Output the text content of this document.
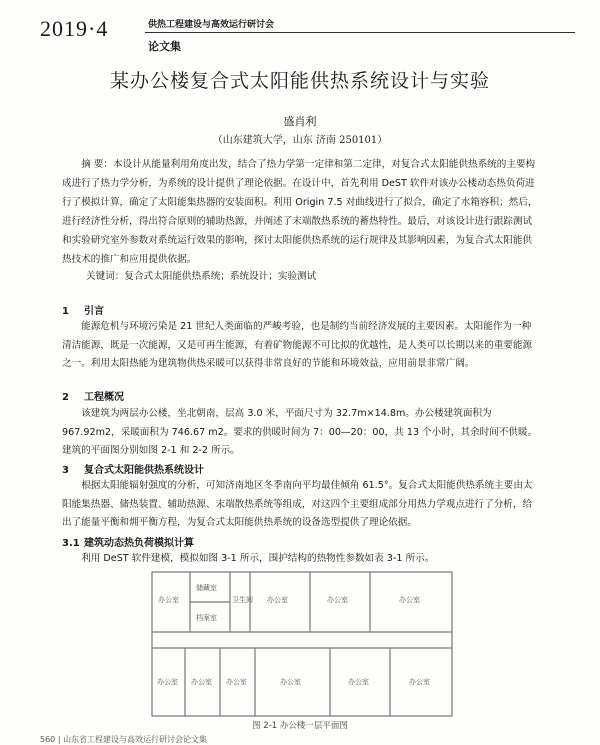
2019·4	供热工程建设与高效运行研讨会
论文集
某办公楼复合式太阳能供热系统设计与实验
盛肖利
（山东建筑大学，山东 济南 250101）
摘 要：本设计从能量利用角度出发，结合了热力学第一定律和第二定律，对复合式太阳能供热系统的主要构成进行了热力学分析，为系统的设计提供了理论依据。在设计中，首先利用 DeST 软件对该办公楼动态热负荷进行了模拟计算，确定了太阳能集热器的安装面积。利用 Origin 7.5 对曲线进行了拟合，确定了水箱容积；然后，进行经济性分析，得出符合原则的辅助热源，并阐述了末端散热系统的蓄热特性。最后，对该设计进行跟踪测试和实验研究室外参数对系统运行效果的影响，探讨太阳能供热系统的运行规律及其影响因素，为复合式太阳能供热技术的推广和应用提供依据。
关键词：复合式太阳能供热系统；系统设计；实验测试
1 引言
能源危机与环境污染是 21 世纪人类面临的严峻考验，也是制约当前经济发展的主要因素。太阳能作为一种清洁能源，既是一次能源，又是可再生能源，有着矿物能源不可比拟的优越性，是人类可以长期以来的重要能源之一。利用太阳热能为建筑物供热采暖可以获得非常良好的节能和环境效益，应用前景非常广阔。
2 工程概况
该建筑为两层办公楼，坐北朝南，层高 3.0 米，平面尺寸为 32.7m×14.8m。办公楼建筑面积为 967.92m2，采暖面积为 746.67 m2。要求的供暖时间为 7：00—20：00，共 13 个小时，其余时间不供暖。建筑的平面图分别如图 2-1 和 2-2 所示。
3 复合式太阳能供热系统设计
根据太阳能辐射强度的分析，可知济南地区冬季南向平均最佳倾角 61.5°。复合式太阳能供热系统主要由太阳能集热器、储热装置、辅助热源、末端散热系统等组成，对这四个主要组成部分用热力学观点进行了分析，给出了能量平衡和㶲平衡方程，为复合式太阳能供热系统的设备选型提供了理论依据。
3.1 建筑动态热负荷模拟计算
利用 DeST 软件建模，模拟如图 3-1 所示，围护结构的热物性参数如表 3-1 所示。
办公室
储藏室
档案室
卫生间 办公室	办公室	办公室
办公室 办公室 办公室	办公室	办公室	办公室
图 2-1 办公楼一层平面图
560 | 山东省工程建设与高效运行研讨会论文集
